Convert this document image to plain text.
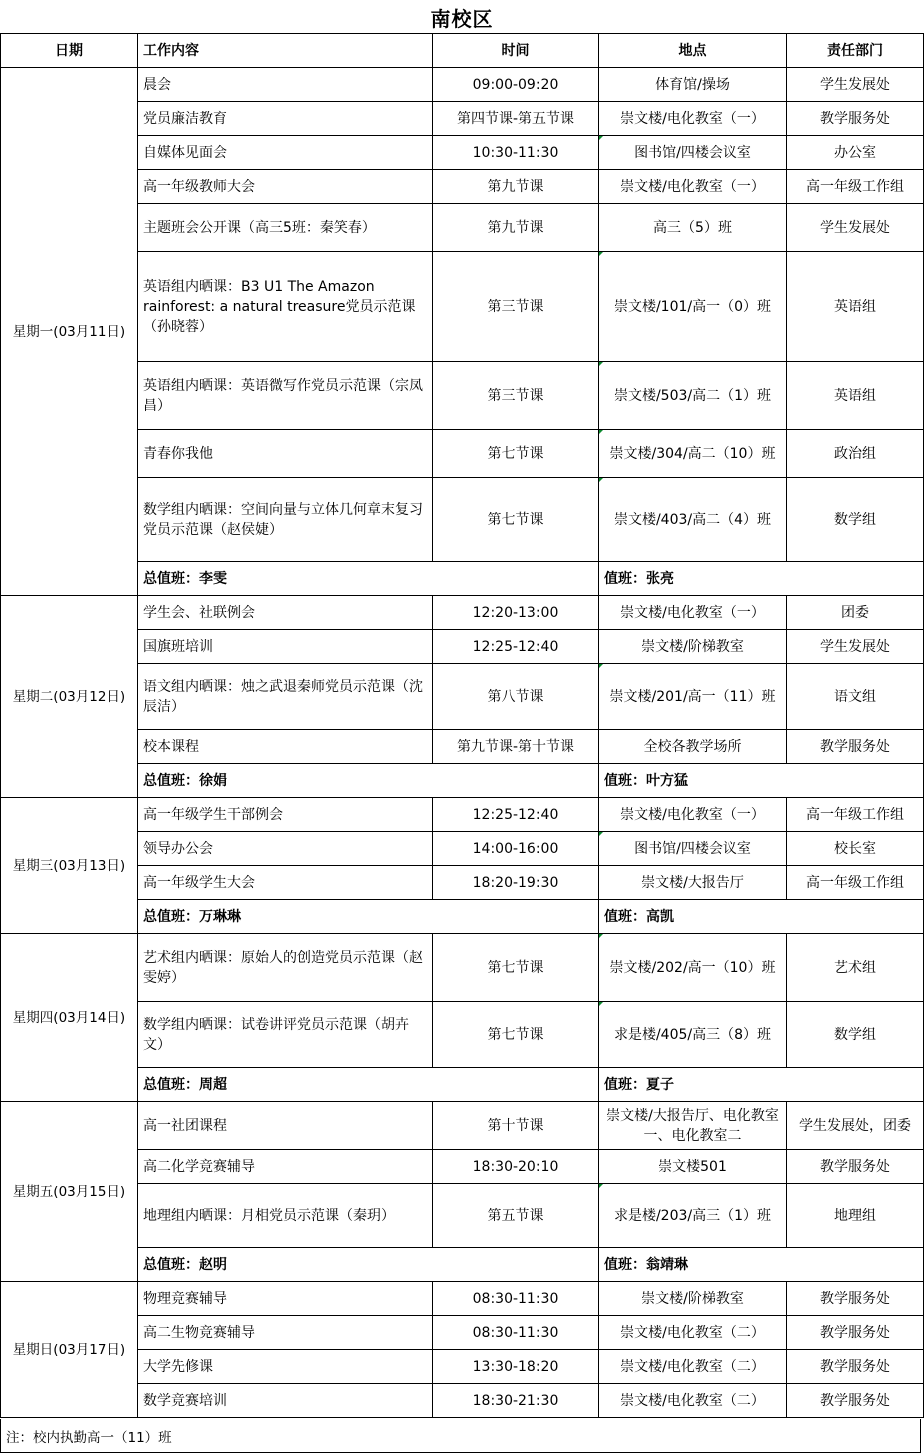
南校区
日期	工作内容	时间	地点	责任部门
星期一(03月11日)	晨会	09:00-09:20	体育馆/操场	学生发展处
	党员廉洁教育	第四节课-第五节课	崇文楼/电化教室（一）	教学服务处
	自媒体见面会	10:30-11:30	图书馆/四楼会议室	办公室
	高一年级教师大会	第九节课	崇文楼/电化教室（一）	高一年级工作组
	主题班会公开课（高三5班：秦笑春）	第九节课	高三（5）班	学生发展处
	英语组内晒课：B3 U1 The Amazon rainforest: a natural treasure党员示范课（孙晓蓉）	第三节课	崇文楼/101/高一（0）班	英语组
	英语组内晒课：英语微写作党员示范课（宗凤昌）	第三节课	崇文楼/503/高二（1）班	英语组
	青春你我他	第七节课	崇文楼/304/高二（10）班	政治组
	数学组内晒课：空间向量与立体几何章末复习党员示范课（赵侯婕）	第七节课	崇文楼/403/高二（4）班	数学组
	总值班：李雯		值班：张亮	
星期二(03月12日)	学生会、社联例会	12:20-13:00	崇文楼/电化教室（一）	团委
	国旗班培训	12:25-12:40	崇文楼/阶梯教室	学生发展处
	语文组内晒课：烛之武退秦师党员示范课（沈辰洁）	第八节课	崇文楼/201/高一（11）班	语文组
	校本课程	第九节课-第十节课	全校各教学场所	教学服务处
	总值班：徐娟		值班：叶方猛	
星期三(03月13日)	高一年级学生干部例会	12:25-12:40	崇文楼/电化教室（一）	高一年级工作组
	领导办公会	14:00-16:00	图书馆/四楼会议室	校长室
	高一年级学生大会	18:20-19:30	崇文楼/大报告厅	高一年级工作组
	总值班：万琳琳		值班：高凯	
星期四(03月14日)	艺术组内晒课：原始人的创造党员示范课（赵雯婷）	第七节课	崇文楼/202/高一（10）班	艺术组
	数学组内晒课：试卷讲评党员示范课（胡卉文）	第七节课	求是楼/405/高三（8）班	数学组
	总值班：周超		值班：夏子	
星期五(03月15日)	高一社团课程	第十节课	崇文楼/大报告厅、电化教室一、电化教室二	学生发展处，团委
	高二化学竞赛辅导	18:30-20:10	崇文楼501	教学服务处
	地理组内晒课：月相党员示范课（秦玥）	第五节课	求是楼/203/高三（1）班	地理组
	总值班：赵明		值班：翁靖琳	
星期日(03月17日)	物理竞赛辅导	08:30-11:30	崇文楼/阶梯教室	教学服务处
	高二生物竞赛辅导	08:30-11:30	崇文楼/电化教室（二）	教学服务处
	大学先修课	13:30-18:20	崇文楼/电化教室（二）	教学服务处
	数学竞赛培训	18:30-21:30	崇文楼/电化教室（二）	教学服务处
注：校内执勤高一（11）班
